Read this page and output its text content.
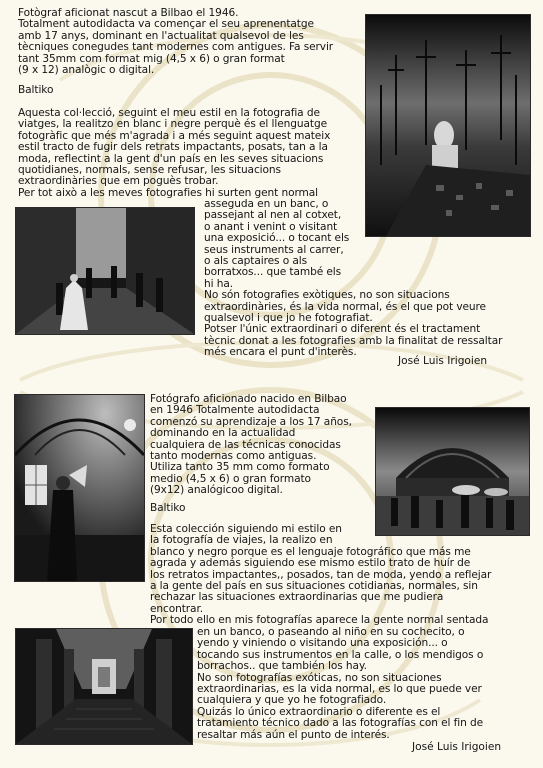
Fotògraf aficionat nascut a Bilbao el 1946.
Totalment autodidacta va començar el seu aprenentatge
amb 17 anys, dominant en l'actualitat qualsevol de les
tècniques conegudes tant modernes com antigues. Fa servir
tant 35mm com format mig (4,5 x 6) o gran format
(9 x 12) analògic o digital.

Baltiko

Aquesta col·lecció, seguint el meu estil en la fotografia de
viatges, la realitzo en blanc i negre perquè és el llenguatge
fotogràfic que més m'agrada i a més seguint aquest mateix
estil tracto de fugir dels retrats impactants, posats, tan a la
moda, reflectint a la gent d'un país en les seves situacions
quotidianes, normals, sense refusar, les situacions
extraordinàries que em poguès trobar.
Per tot això a les meves fotografies hi surten gent normal

asseguda en un banc, o
passejant al nen al cotxet,
o anant i venint o visitant
una exposició... o tocant els
seus instruments al carrer,
o als captaires o als
borratxos... que també els
hi ha.
No són fotografies exòtiques, no son situacions
extraordinàries, és la vida normal, és el que pot veure
qualsevol i que jo he fotografiat.
Potser l'únic extraordinari o diferent és el tractament
tècnic donat a les fotografies amb la finalitat de ressaltar
més encara el punt d'interès.

José Luis Irigoien

Fotógrafo aficionado nacido en Bilbao
en 1946 Totalmente autodidacta
comenzó su aprendizaje a los 17 años,
dominando en la actualidad
cualquiera de las técnicas conocidas
tanto modernas como antiguas.
Utiliza tanto 35 mm como formato
medio (4,5 x 6) o gran formato
(9x12) analógicoo digital.

Baltiko

Esta colección siguiendo mi estilo en
la fotografía de viajes, la realizo en
blanco y negro porque es el lenguaje fotográfico que más me
agrada y además siguiendo ese mismo estilo trato de huír de
los retratos impactantes,, posados, tan de moda, yendo a reflejar
a la gente del país en sus situaciones cotidianas, normales, sin
rechazar las situaciones extraordinarias que me pudiera
encontrar.
Por todo ello en mis fotografías aparece la gente normal sentada

en un banco, o paseando al niño en su cochecito, o
yendo y viniendo o visitando una exposición... o
tocando sus instrumentos en la calle, o los mendigos o
borrachos.. que también los hay.
No son fotografías exóticas, no son situaciones
extraordinarias, es la vida normal, es lo que puede ver
cualquiera y que yo he fotografiado.
Quizás lo único extraordinario o diferente es el
tratamiento técnico dado a las fotografías con el fin de
resaltar más aún el punto de interés.

José Luis Irigoien
